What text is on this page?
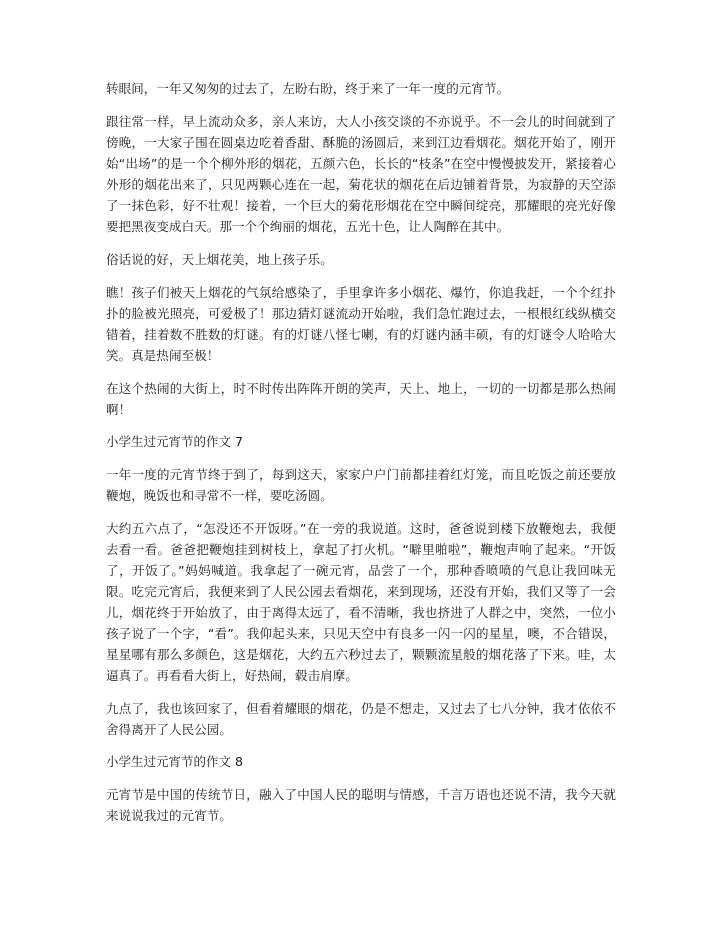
转眼间，一年又匆匆的过去了，左盼右盼，终于来了一年一度的元宵节。

跟往常一样，早上流动众多，亲人来访，大人小孩交谈的不亦说乎。不一会儿的时间就到了傍晚，一大家子围在圆桌边吃着香甜、酥脆的汤圆后，来到江边看烟花。烟花开始了，刚开始“出场”的是一个个柳外形的烟花，五颜六色，长长的“枝条”在空中慢慢披发开，紧接着心外形的烟花出来了，只见两颗心连在一起，菊花状的烟花在后边铺着背景，为寂静的天空添了一抹色彩，好不壮观！接着，一个巨大的菊花形烟花在空中瞬间绽亮，那耀眼的亮光好像要把黑夜变成白天。那一个个绚丽的烟花，五光十色，让人陶醉在其中。

俗话说的好，天上烟花美，地上孩子乐。

瞧！孩子们被天上烟花的气氛给感染了，手里拿许多小烟花、爆竹，你追我赶，一个个红扑扑的脸被光照亮，可爱极了！那边猜灯谜流动开始啦，我们急忙跑过去，一根根红线纵横交错着，挂着数不胜数的灯谜。有的灯谜八怪七喇，有的灯谜内涵丰硕，有的灯谜令人哈哈大笑。真是热闹至极！

在这个热闹的大街上，时不时传出阵阵开朗的笑声，天上、地上，一切的一切都是那么热闹啊！

小学生过元宵节的作文 7

一年一度的元宵节终于到了，每到这天，家家户户门前都挂着红灯笼，而且吃饭之前还要放鞭炮，晚饭也和寻常不一样，要吃汤圆。

大约五六点了，“怎没还不开饭呀。”在一旁的我说道。这时，爸爸说到楼下放鞭炮去，我便去看一看。爸爸把鞭炮挂到树枝上，拿起了打火机。“噼里啪啦”，鞭炮声响了起来。“开饭了，开饭了。”妈妈喊道。我拿起了一碗元宵，品尝了一个，那种香喷喷的气息让我回味无限。吃完元宵后，我便来到了人民公园去看烟花，来到现场，还没有开始，我们又等了一会儿，烟花终于开始放了，由于离得太远了，看不清晰，我也挤进了人群之中，突然，一位小孩子说了一个字，“看”。我仰起头来，只见天空中有良多一闪一闪的星星，噢，不合错误，星星哪有那么多颜色，这是烟花，大约五六秒过去了，颗颗流星般的烟花落了下来。哇，太逼真了。再看看大街上，好热闹，毂击肩摩。

九点了，我也该回家了，但看着耀眼的烟花，仍是不想走，又过去了七八分钟，我才依依不舍得离开了人民公园。

小学生过元宵节的作文 8

元宵节是中国的传统节日，融入了中国人民的聪明与情感，千言万语也还说不清，我今天就来说说我过的元宵节。
